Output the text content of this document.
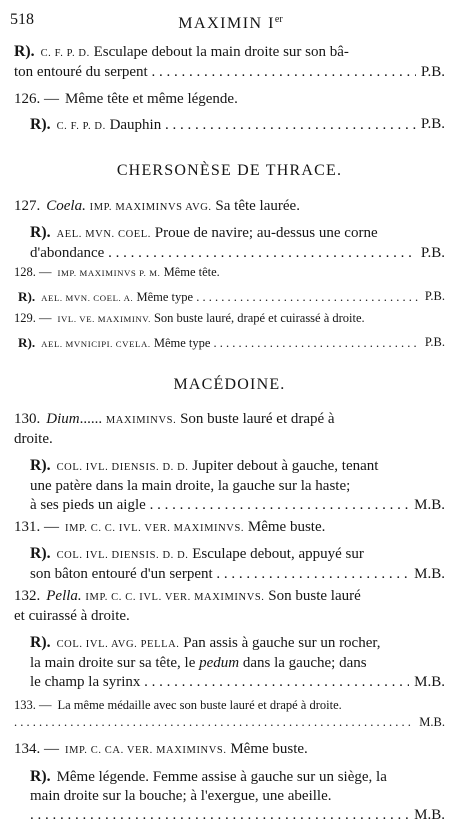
518	MAXIMIN Ier
R). C. F. P. D. Esculape debout la main droite sur son bâ-
ton entouré du serpent	P.B.
. . .
126. — Même tête et même légende.
R). C. F. P. D. Dauphin	P.B.
. . .
CHERSONÈSE DE THRACE.
127. Coela. IMP. MAXIMINVS AVG. Sa tête laurée.
R). AEL. MVN. COEL. Proue de navire; au-dessus une corne
d'abondance	P.B.
. . .
128. — IMP. MAXIMINVS P. M. Même tête.
R). AEL. MVN. COEL. A. Même type	P.B.
. . .
129. — IVL. VE. MAXIMINV. Son buste lauré, drapé et cuirassé à droite.
R). AEL. MVNICIPI. CVELA. Même type	P.B.
. . .
MACÉDOINE.
130. Dium...... MAXIMINVS. Son buste lauré et drapé à
droite.
R). COL. IVL. DIENSIS. D. D. Jupiter debout à gauche, tenant
une patère dans la main droite, la gauche sur la haste;
à ses pieds un aigle	M.B.
. . .
131. — IMP. C. C. IVL. VER. MAXIMINVS. Même buste.
R). COL. IVL. DIENSIS. D. D. Esculape debout, appuyé sur
son bâton entouré d'un serpent	M.B.
. . .
132. Pella. IMP. C. C. IVL. VER. MAXIMINVS. Son buste lauré
et cuirassé à droite.
R). COL. IVL. AVG. PELLA. Pan assis à gauche sur un rocher,
la main droite sur sa tête, le pedum dans la gauche; dans
le champ la syrinx	M.B.
. . .
133. — La même médaille avec son buste lauré et drapé à droite.
M.B.
. . .
134. — IMP. C. CA. VER. MAXIMINVS. Même buste.
R). Même légende. Femme assise à gauche sur un siège, la
main droite sur la bouche; à l'exergue, une abeille.
M.B.
. . .
